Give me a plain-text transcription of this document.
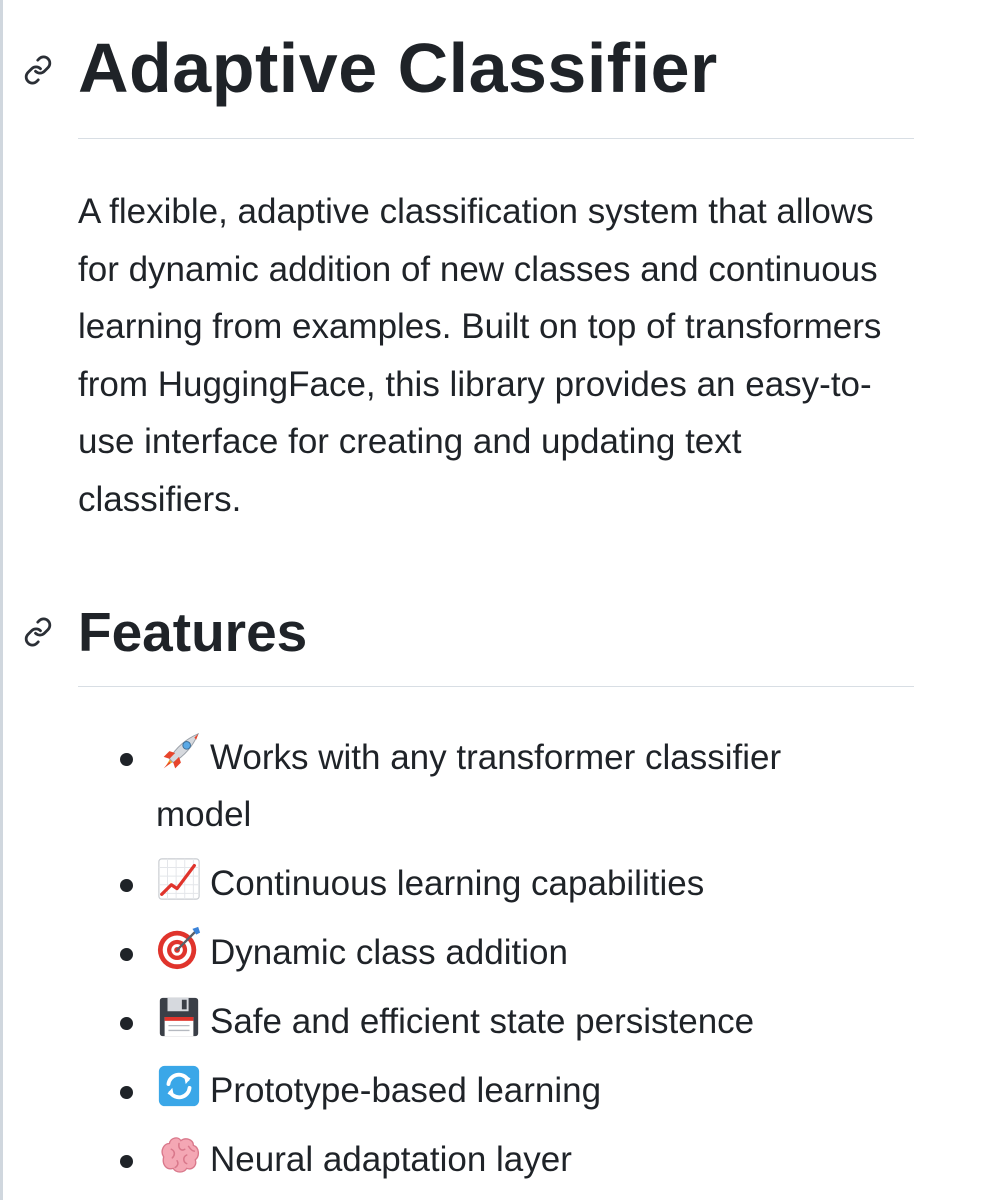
Adaptive Classifier

A flexible, adaptive classification system that allows for dynamic addition of new classes and continuous learning from examples. Built on top of transformers from HuggingFace, this library provides an easy-to-use interface for creating and updating text classifiers.

Features
Works with any transformer classifier model
Continuous learning capabilities
Dynamic class addition
Safe and efficient state persistence
Prototype-based learning
Neural adaptation layer
